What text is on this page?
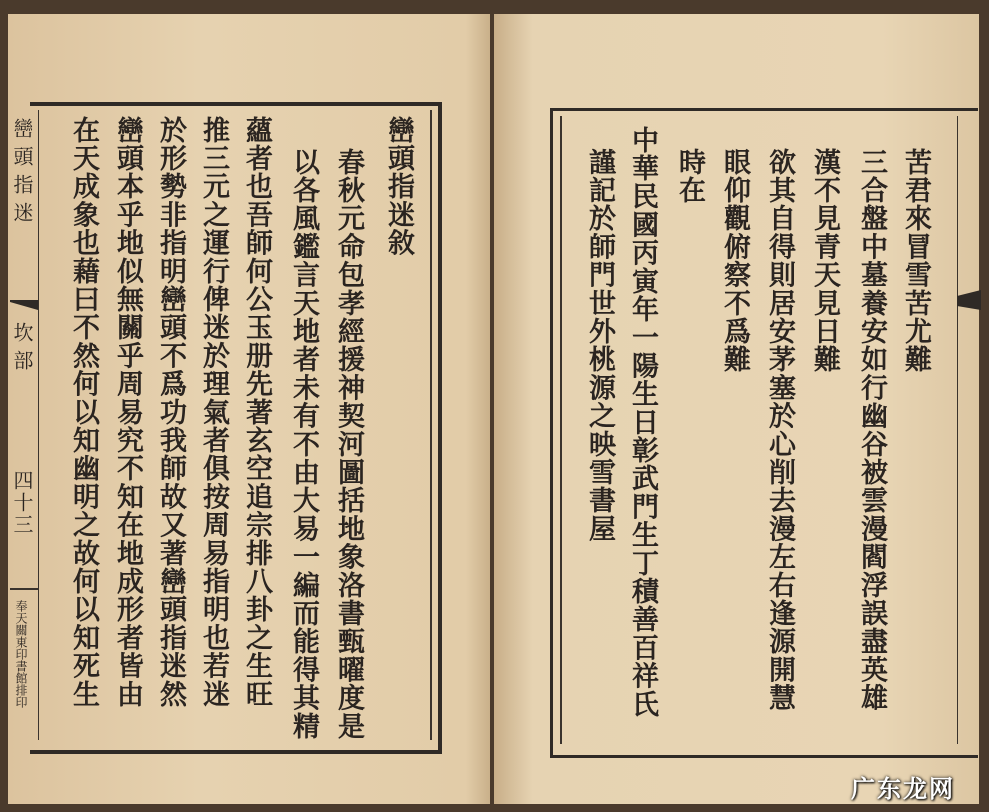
巒頭指迷
坎部
四十三
奉天關東印書館排印
巒頭指迷敘
春秋元命包孝經援神契河圖括地象洛書甄曜度是
以各風鑑言天地者未有不由大易一編而能得其精
蘊者也吾師何公玉册先著玄空追宗排八卦之生旺
推三元之運行俾迷於理氣者俱按周易指明也若迷
於形勢非指明巒頭不爲功我師故又著巒頭指迷然
巒頭本乎地似無關乎周易究不知在地成形者皆由
在天成象也藉曰不然何以知幽明之故何以知死生	苦君來冒雪苦尤難
三合盤中墓養安如行幽谷被雲漫閻浮誤盡英雄
漢不見青天見日難
欲其自得則居安茅塞於心削去漫左右逢源開慧
眼仰觀俯察不爲難
時在
中華民國丙寅年一陽生日彰武門生丁積善百祥氏
謹記於師門世外桃源之映雪書屋
广东龙网
